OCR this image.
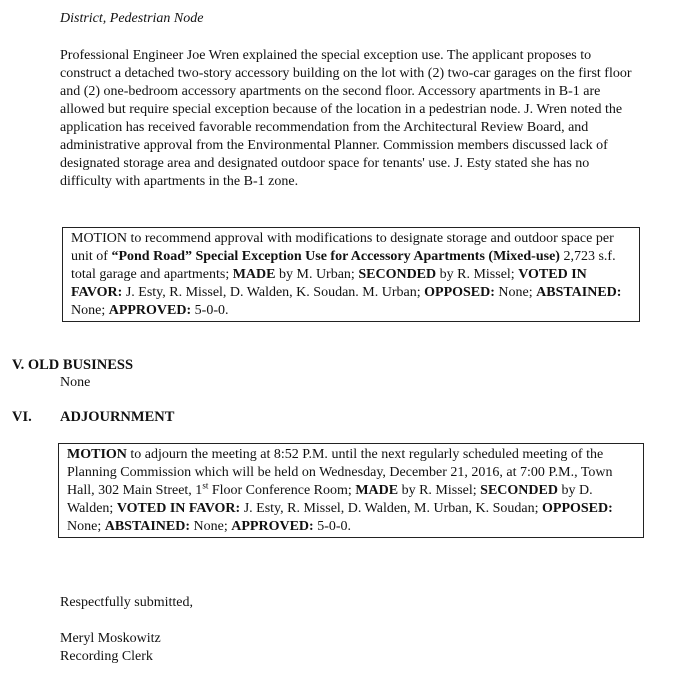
District, Pedestrian Node
Professional Engineer Joe Wren explained the special exception use. The applicant proposes to construct a detached two-story accessory building on the lot with (2) two-car garages on the first floor and (2) one-bedroom accessory apartments on the second floor. Accessory apartments in B-1 are allowed but require special exception because of the location in a pedestrian node. J. Wren noted the application has received favorable recommendation from the Architectural Review Board, and administrative approval from the Environmental Planner. Commission members discussed lack of designated storage area and designated outdoor space for tenants' use. J. Esty stated she has no difficulty with apartments in the B-1 zone.
MOTION to recommend approval with modifications to designate storage and outdoor space per unit of “Pond Road” Special Exception Use for Accessory Apartments (Mixed-use) 2,723 s.f. total garage and apartments; MADE by M. Urban; SECONDED by R. Missel; VOTED IN FAVOR: J. Esty, R. Missel, D. Walden, K. Soudan. M. Urban; OPPOSED: None; ABSTAINED: None; APPROVED: 5-0-0.
V. OLD BUSINESS
None
VI. ADJOURNMENT
MOTION to adjourn the meeting at 8:52 P.M. until the next regularly scheduled meeting of the Planning Commission which will be held on Wednesday, December 21, 2016, at 7:00 P.M., Town Hall, 302 Main Street, 1st Floor Conference Room; MADE by R. Missel; SECONDED by D. Walden; VOTED IN FAVOR: J. Esty, R. Missel, D. Walden, M. Urban, K. Soudan; OPPOSED: None; ABSTAINED: None; APPROVED: 5-0-0.
Respectfully submitted,
Meryl Moskowitz
Recording Clerk
